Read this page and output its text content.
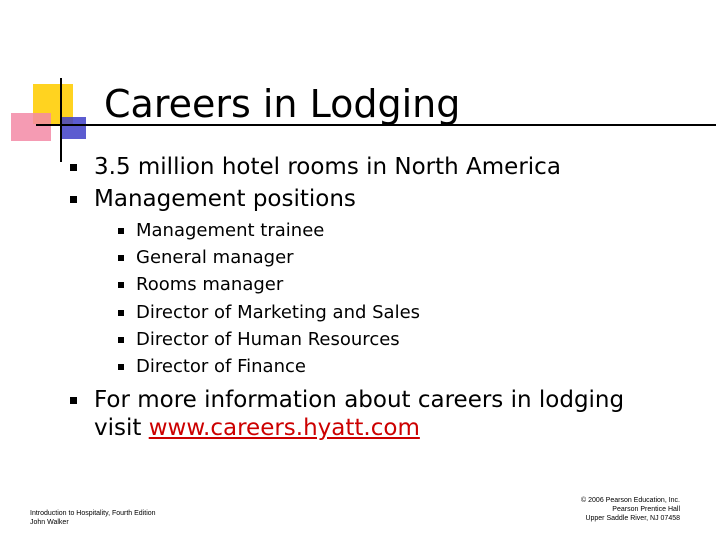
Careers in Lodging
3.5 million hotel rooms in North America
Management positions
Management trainee
General manager
Rooms manager
Director of Marketing and Sales
Director of Human Resources
Director of Finance
For more information about careers in lodging
visit www.careers.hyatt.com
Introduction to Hospitality, Fourth Edition
John Walker
© 2006 Pearson Education, Inc.
Pearson Prentice Hall
Upper Saddle River, NJ 07458
